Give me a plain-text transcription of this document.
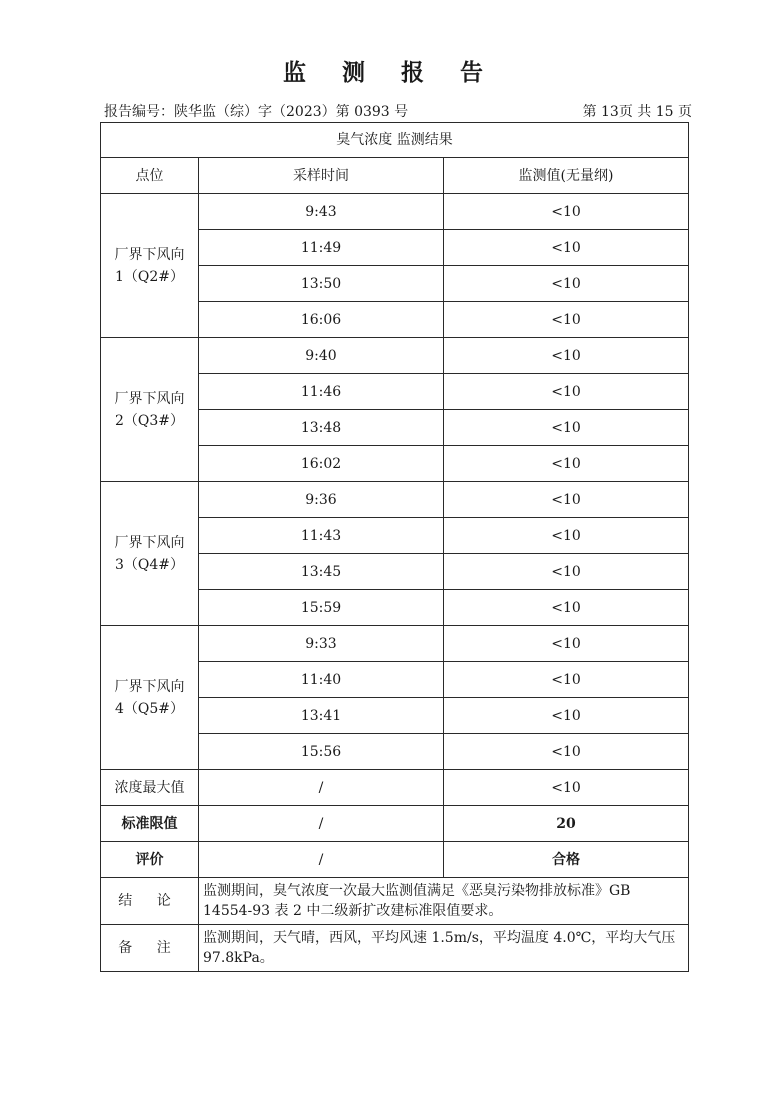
监 测 报 告
报告编号：陕华监（综）字（2023）第 0393 号	第 13页 共 15 页
臭气浓度 监测结果		
点位	采样时间	监测值(无量纲)

厂界下风向
1（Q2#）	9:43	<10
	11:49	<10
	13:50	<10
	16:06	<10

厂界下风向
2（Q3#）	9:40	<10
	11:46	<10
	13:48	<10
	16:02	<10

厂界下风向
3（Q4#）	9:36	<10
	11:43	<10
	13:45	<10
	15:59	<10

厂界下风向
4（Q5#）	9:33	<10
	11:40	<10
	13:41	<10
	15:56	<10
浓度最大值	/	<10
标准限值	/	20
评价	/	合格
结 论	监测期间，臭气浓度一次最大监测值满足《恶臭污染物排放标准》GB 14554-93 表 2 中二级新扩改建标准限值要求。	
备 注	监测期间，天气晴，西风，平均风速 1.5m/s，平均温度 4.0℃，平均大气压 97.8kPa。	
